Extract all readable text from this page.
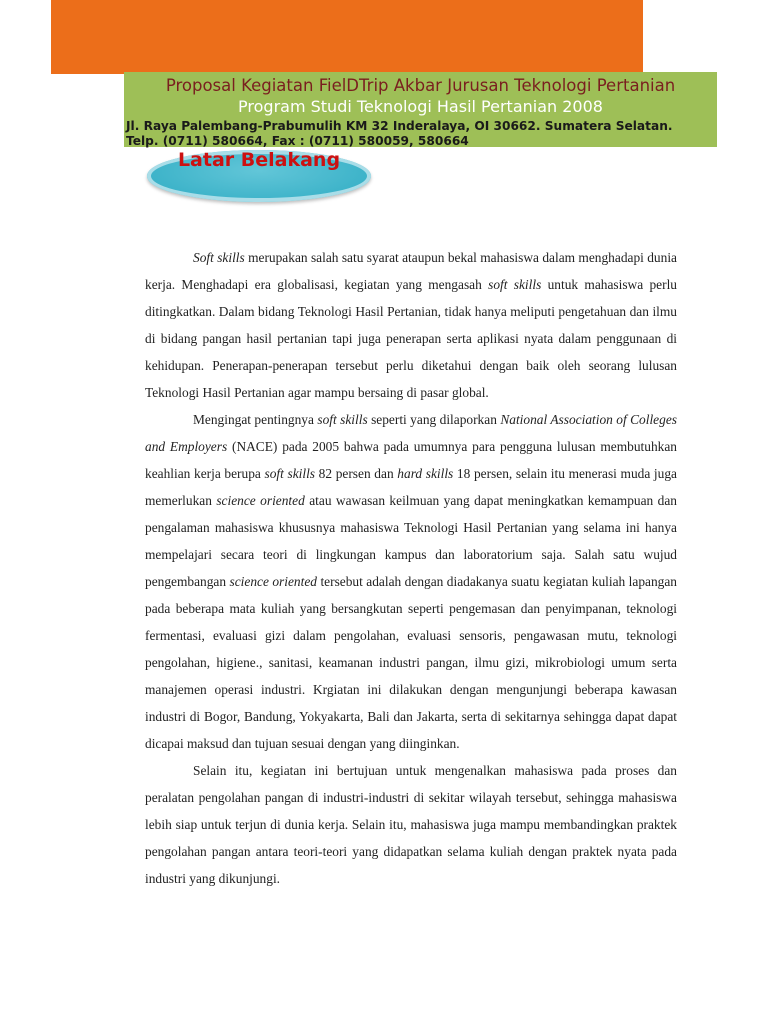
Proposal Kegiatan FielDTrip Akbar Jurusan Teknologi Pertanian
Program Studi Teknologi Hasil Pertanian 2008
Jl. Raya Palembang-Prabumulih KM 32 Inderalaya, OI 30662. Sumatera Selatan.
Telp. (0711) 580664, Fax : (0711) 580059, 580664
Latar Belakang

Soft skills merupakan salah satu syarat ataupun bekal mahasiswa dalam menghadapi dunia kerja. Menghadapi era globalisasi, kegiatan yang mengasah soft skills untuk mahasiswa perlu ditingkatkan. Dalam bidang Teknologi Hasil Pertanian, tidak hanya meliputi pengetahuan dan ilmu di bidang pangan hasil pertanian tapi juga penerapan serta aplikasi nyata dalam penggunaan di kehidupan. Penerapan-penerapan tersebut perlu diketahui dengan baik oleh seorang lulusan Teknologi Hasil Pertanian agar mampu bersaing di pasar global.

Mengingat pentingnya soft skills seperti yang dilaporkan National Association of Colleges and Employers (NACE) pada 2005 bahwa pada umumnya para pengguna lulusan membutuhkan keahlian kerja berupa soft skills 82 persen dan hard skills 18 persen, selain itu menerasi muda juga memerlukan science oriented atau wawasan keilmuan yang dapat meningkatkan kemampuan dan pengalaman mahasiswa khususnya mahasiswa Teknologi Hasil Pertanian yang selama ini hanya mempelajari secara teori di lingkungan kampus dan laboratorium saja. Salah satu wujud pengembangan science oriented tersebut adalah dengan diadakanya suatu kegiatan kuliah lapangan pada beberapa mata kuliah yang bersangkutan seperti pengemasan dan penyimpanan, teknologi fermentasi, evaluasi gizi dalam pengolahan, evaluasi sensoris, pengawasan mutu, teknologi pengolahan, higiene., sanitasi, keamanan industri pangan, ilmu gizi, mikrobiologi umum serta manajemen operasi industri. Krgiatan ini dilakukan dengan mengunjungi beberapa kawasan industri di Bogor, Bandung, Yokyakarta, Bali dan Jakarta, serta di sekitarnya sehingga dapat dapat dicapai maksud dan tujuan sesuai dengan yang diinginkan.

Selain itu, kegiatan ini bertujuan untuk mengenalkan mahasiswa pada proses dan peralatan pengolahan pangan di industri-industri di sekitar wilayah tersebut, sehingga mahasiswa lebih siap untuk terjun di dunia kerja. Selain itu, mahasiswa juga mampu membandingkan praktek pengolahan pangan antara teori-teori yang didapatkan selama kuliah dengan praktek nyata pada industri yang dikunjungi.
